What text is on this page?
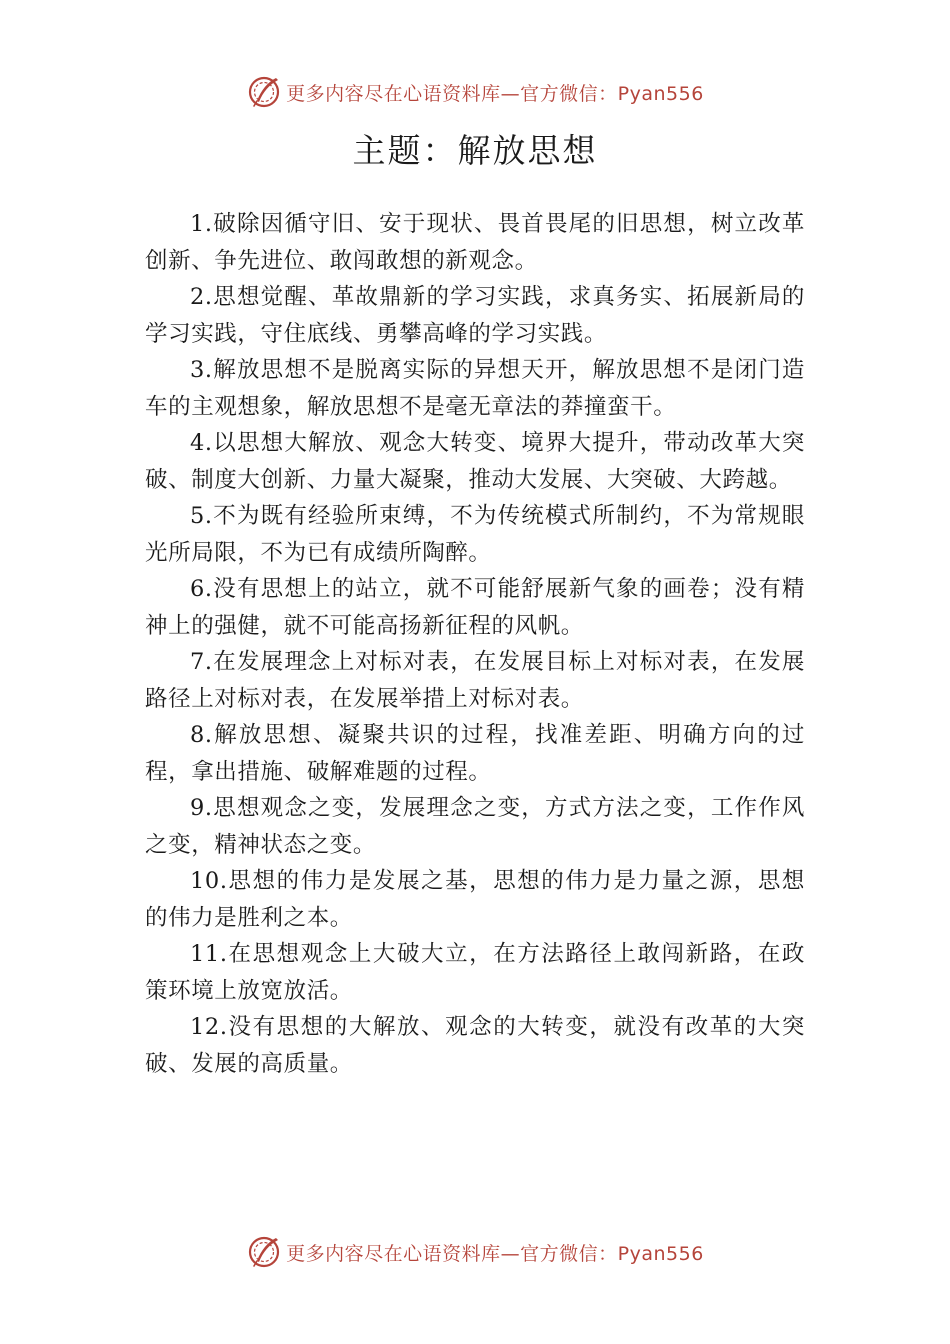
更多内容尽在心语资料库—官方微信：Pyan556
主题：解放思想

1.破除因循守旧、安于现状、畏首畏尾的旧思想，树立改革创新、争先进位、敢闯敢想的新观念。

2.思想觉醒、革故鼎新的学习实践，求真务实、拓展新局的学习实践，守住底线、勇攀高峰的学习实践。

3.解放思想不是脱离实际的异想天开，解放思想不是闭门造车的主观想象，解放思想不是毫无章法的莽撞蛮干。

4.以思想大解放、观念大转变、境界大提升，带动改革大突破、制度大创新、力量大凝聚，推动大发展、大突破、大跨越。

5.不为既有经验所束缚，不为传统模式所制约，不为常规眼光所局限，不为已有成绩所陶醉。

6.没有思想上的站立，就不可能舒展新气象的画卷；没有精神上的强健，就不可能高扬新征程的风帆。

7.在发展理念上对标对表，在发展目标上对标对表，在发展路径上对标对表，在发展举措上对标对表。

8.解放思想、凝聚共识的过程，找准差距、明确方向的过程，拿出措施、破解难题的过程。

9.思想观念之变，发展理念之变，方式方法之变，工作作风之变，精神状态之变。

10.思想的伟力是发展之基，思想的伟力是力量之源，思想的伟力是胜利之本。

11.在思想观念上大破大立，在方法路径上敢闯新路，在政策环境上放宽放活。

12.没有思想的大解放、观念的大转变，就没有改革的大突破、发展的高质量。

更多内容尽在心语资料库—官方微信：Pyan556
